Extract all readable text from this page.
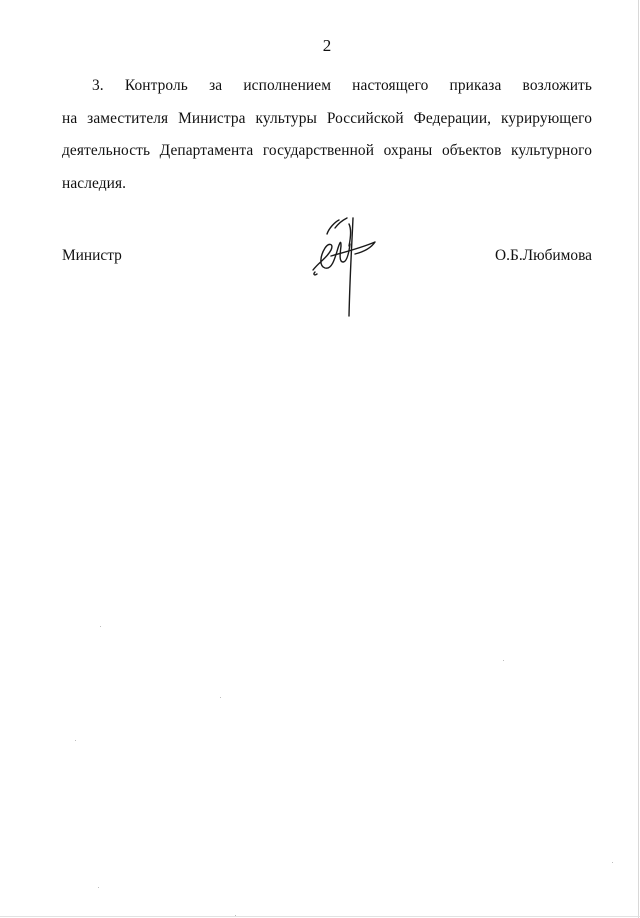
2
3. Контроль за исполнением настоящего приказа возложить
на заместителя Министра культуры Российской Федерации, курирующего
деятельность Департамента государственной охраны объектов культурного
наследия.
Министр	О.Б.Любимова
